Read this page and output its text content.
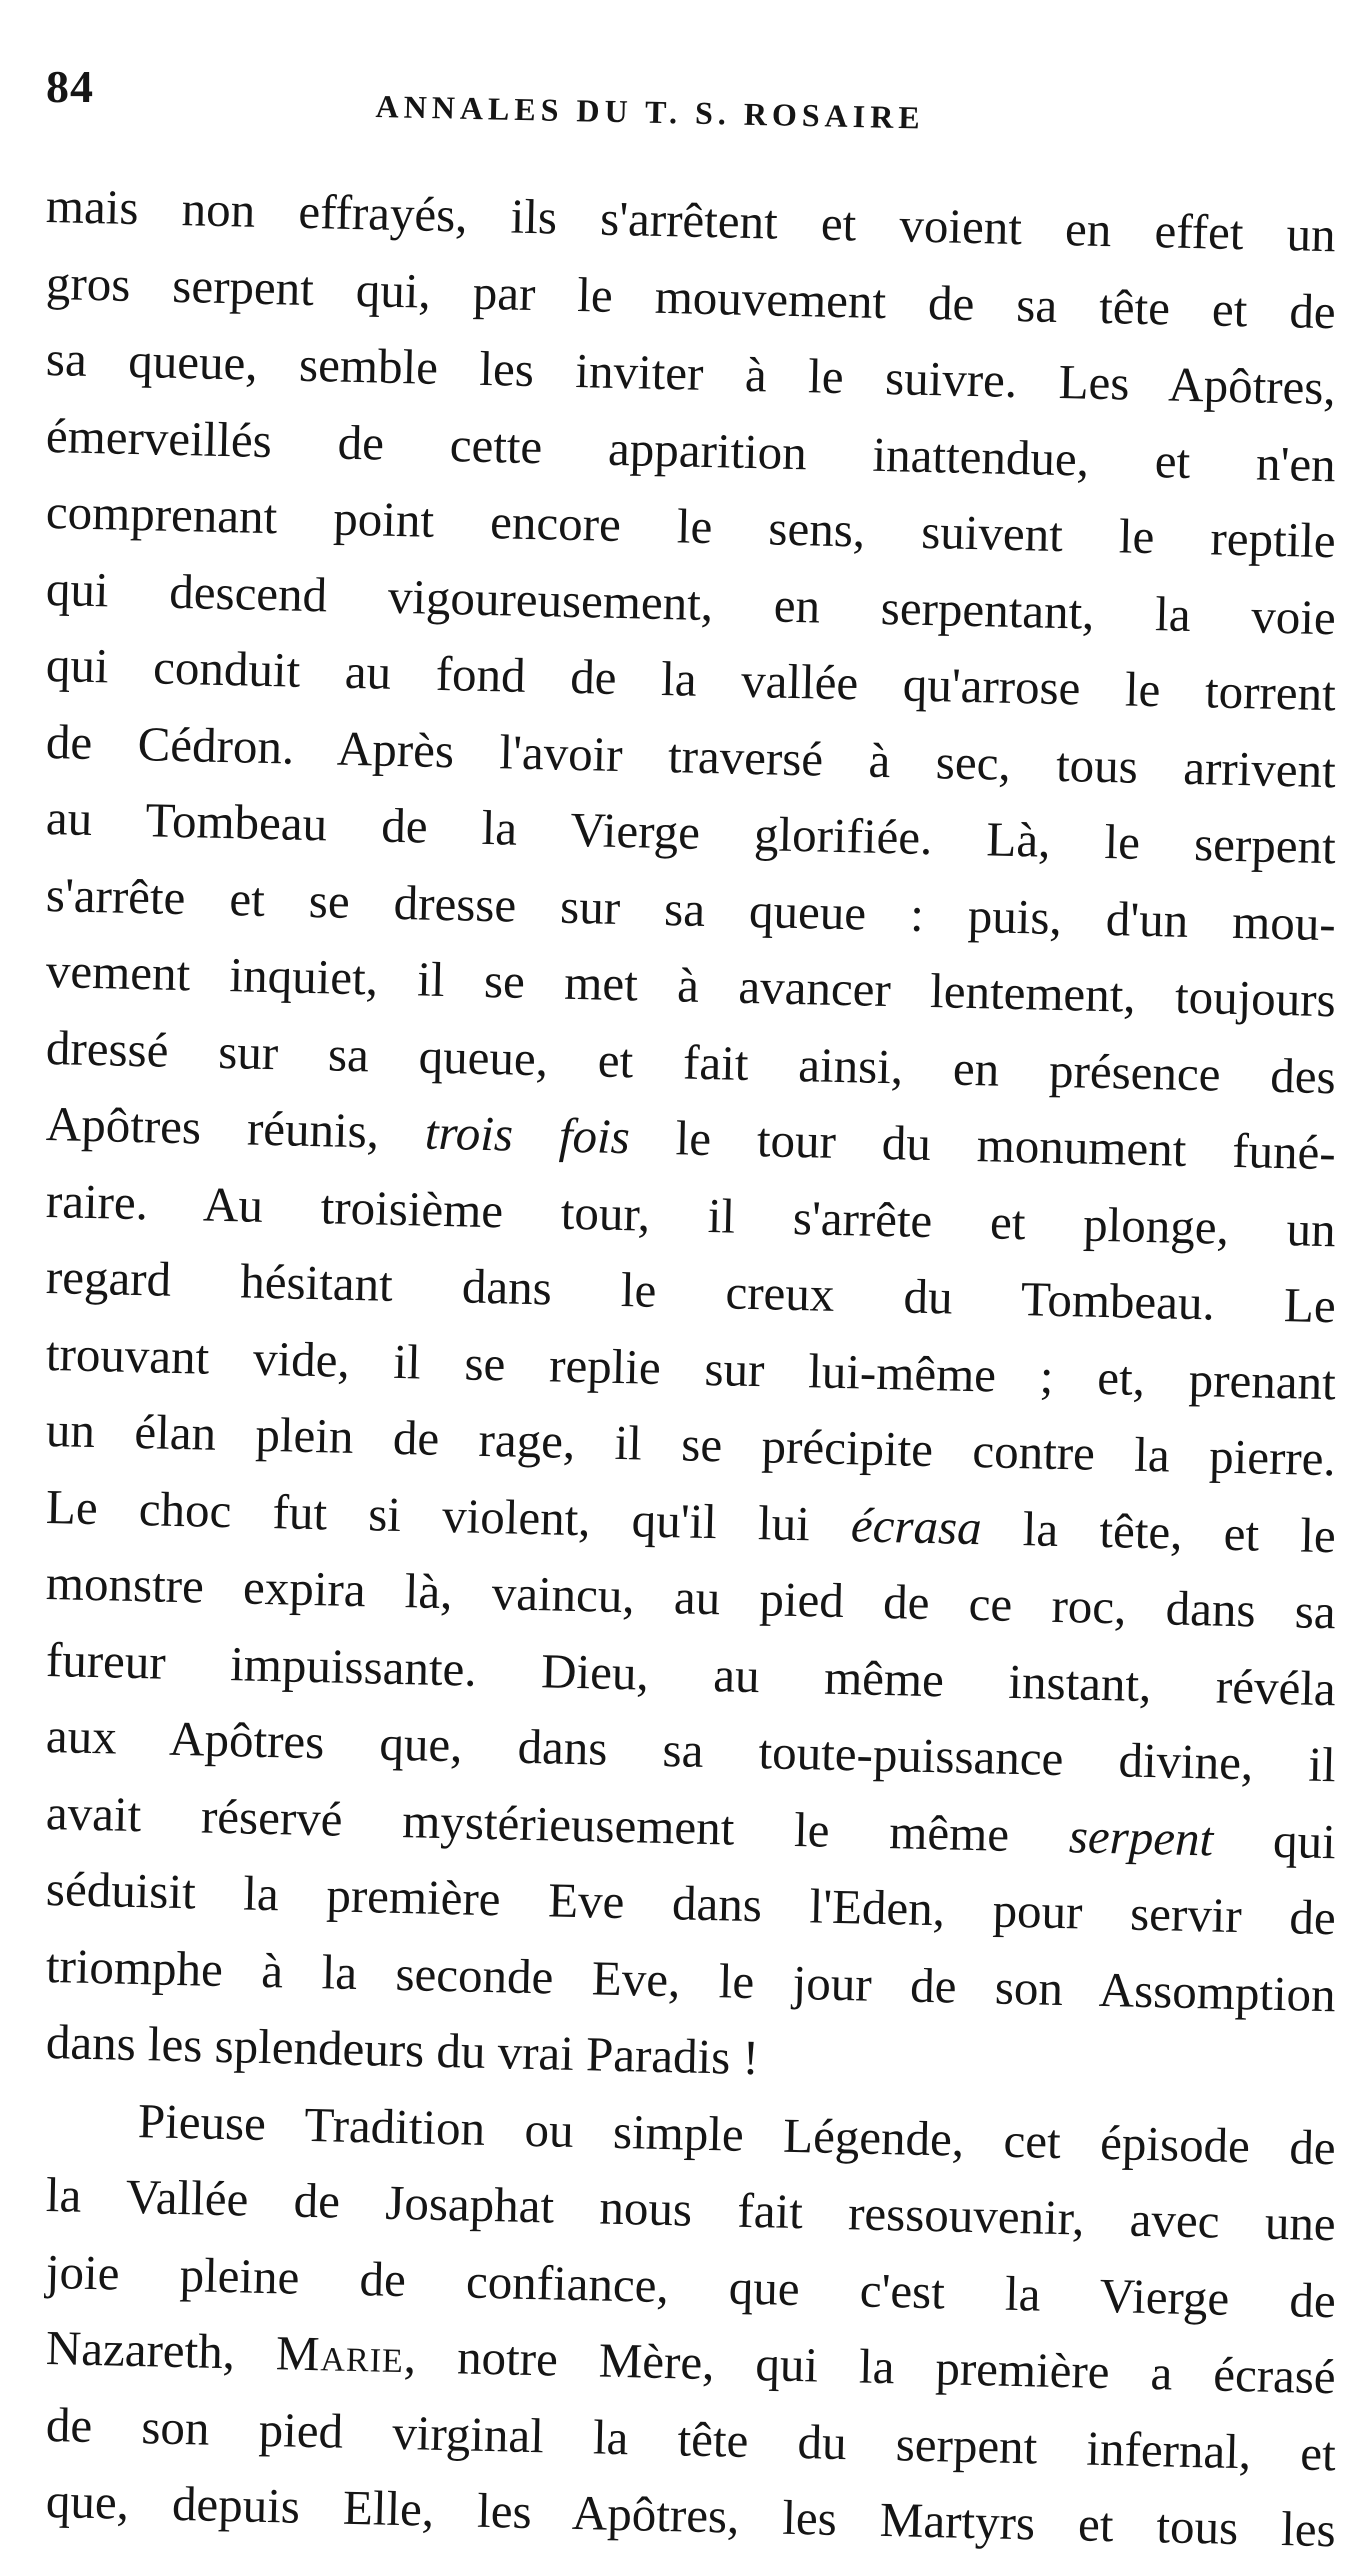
84	ANNALES DU T. S. ROSAIRE
mais non effrayés, ils s'arrêtent et voient en effet un
gros serpent qui, par le mouvement de sa tête et de
sa queue, semble les inviter à le suivre. Les Apôtres,
émerveillés de cette apparition inattendue, et n'en
comprenant point encore le sens, suivent le reptile
qui descend vigoureusement, en serpentant, la voie
qui conduit au fond de la vallée qu'arrose le torrent
de Cédron. Après l'avoir traversé à sec, tous arrivent
au Tombeau de la Vierge glorifiée. Là, le serpent
s'arrête et se dresse sur sa queue : puis, d'un mou-
vement inquiet, il se met à avancer lentement, toujours
dressé sur sa queue, et fait ainsi, en présence des
Apôtres réunis, trois fois le tour du monument funé-
raire. Au troisième tour, il s'arrête et plonge, un
regard hésitant dans le creux du Tombeau. Le
trouvant vide, il se replie sur lui-même ; et, prenant
un élan plein de rage, il se précipite contre la pierre.
Le choc fut si violent, qu'il lui écrasa la tête, et le
monstre expira là, vaincu, au pied de ce roc, dans sa
fureur impuissante. Dieu, au même instant, révéla
aux Apôtres que, dans sa toute-puissance divine, il
avait réservé mystérieusement le même serpent qui
séduisit la première Eve dans l'Eden, pour servir de
triomphe à la seconde Eve, le jour de son Assomption
dans les splendeurs du vrai Paradis !
Pieuse Tradition ou simple Légende, cet épisode de
la Vallée de Josaphat nous fait ressouvenir, avec une
joie pleine de confiance, que c'est la Vierge de
Nazareth, Marie, notre Mère, qui la première a écrasé
de son pied virginal la tête du serpent infernal, et
que, depuis Elle, les Apôtres, les Martyrs et tous les
